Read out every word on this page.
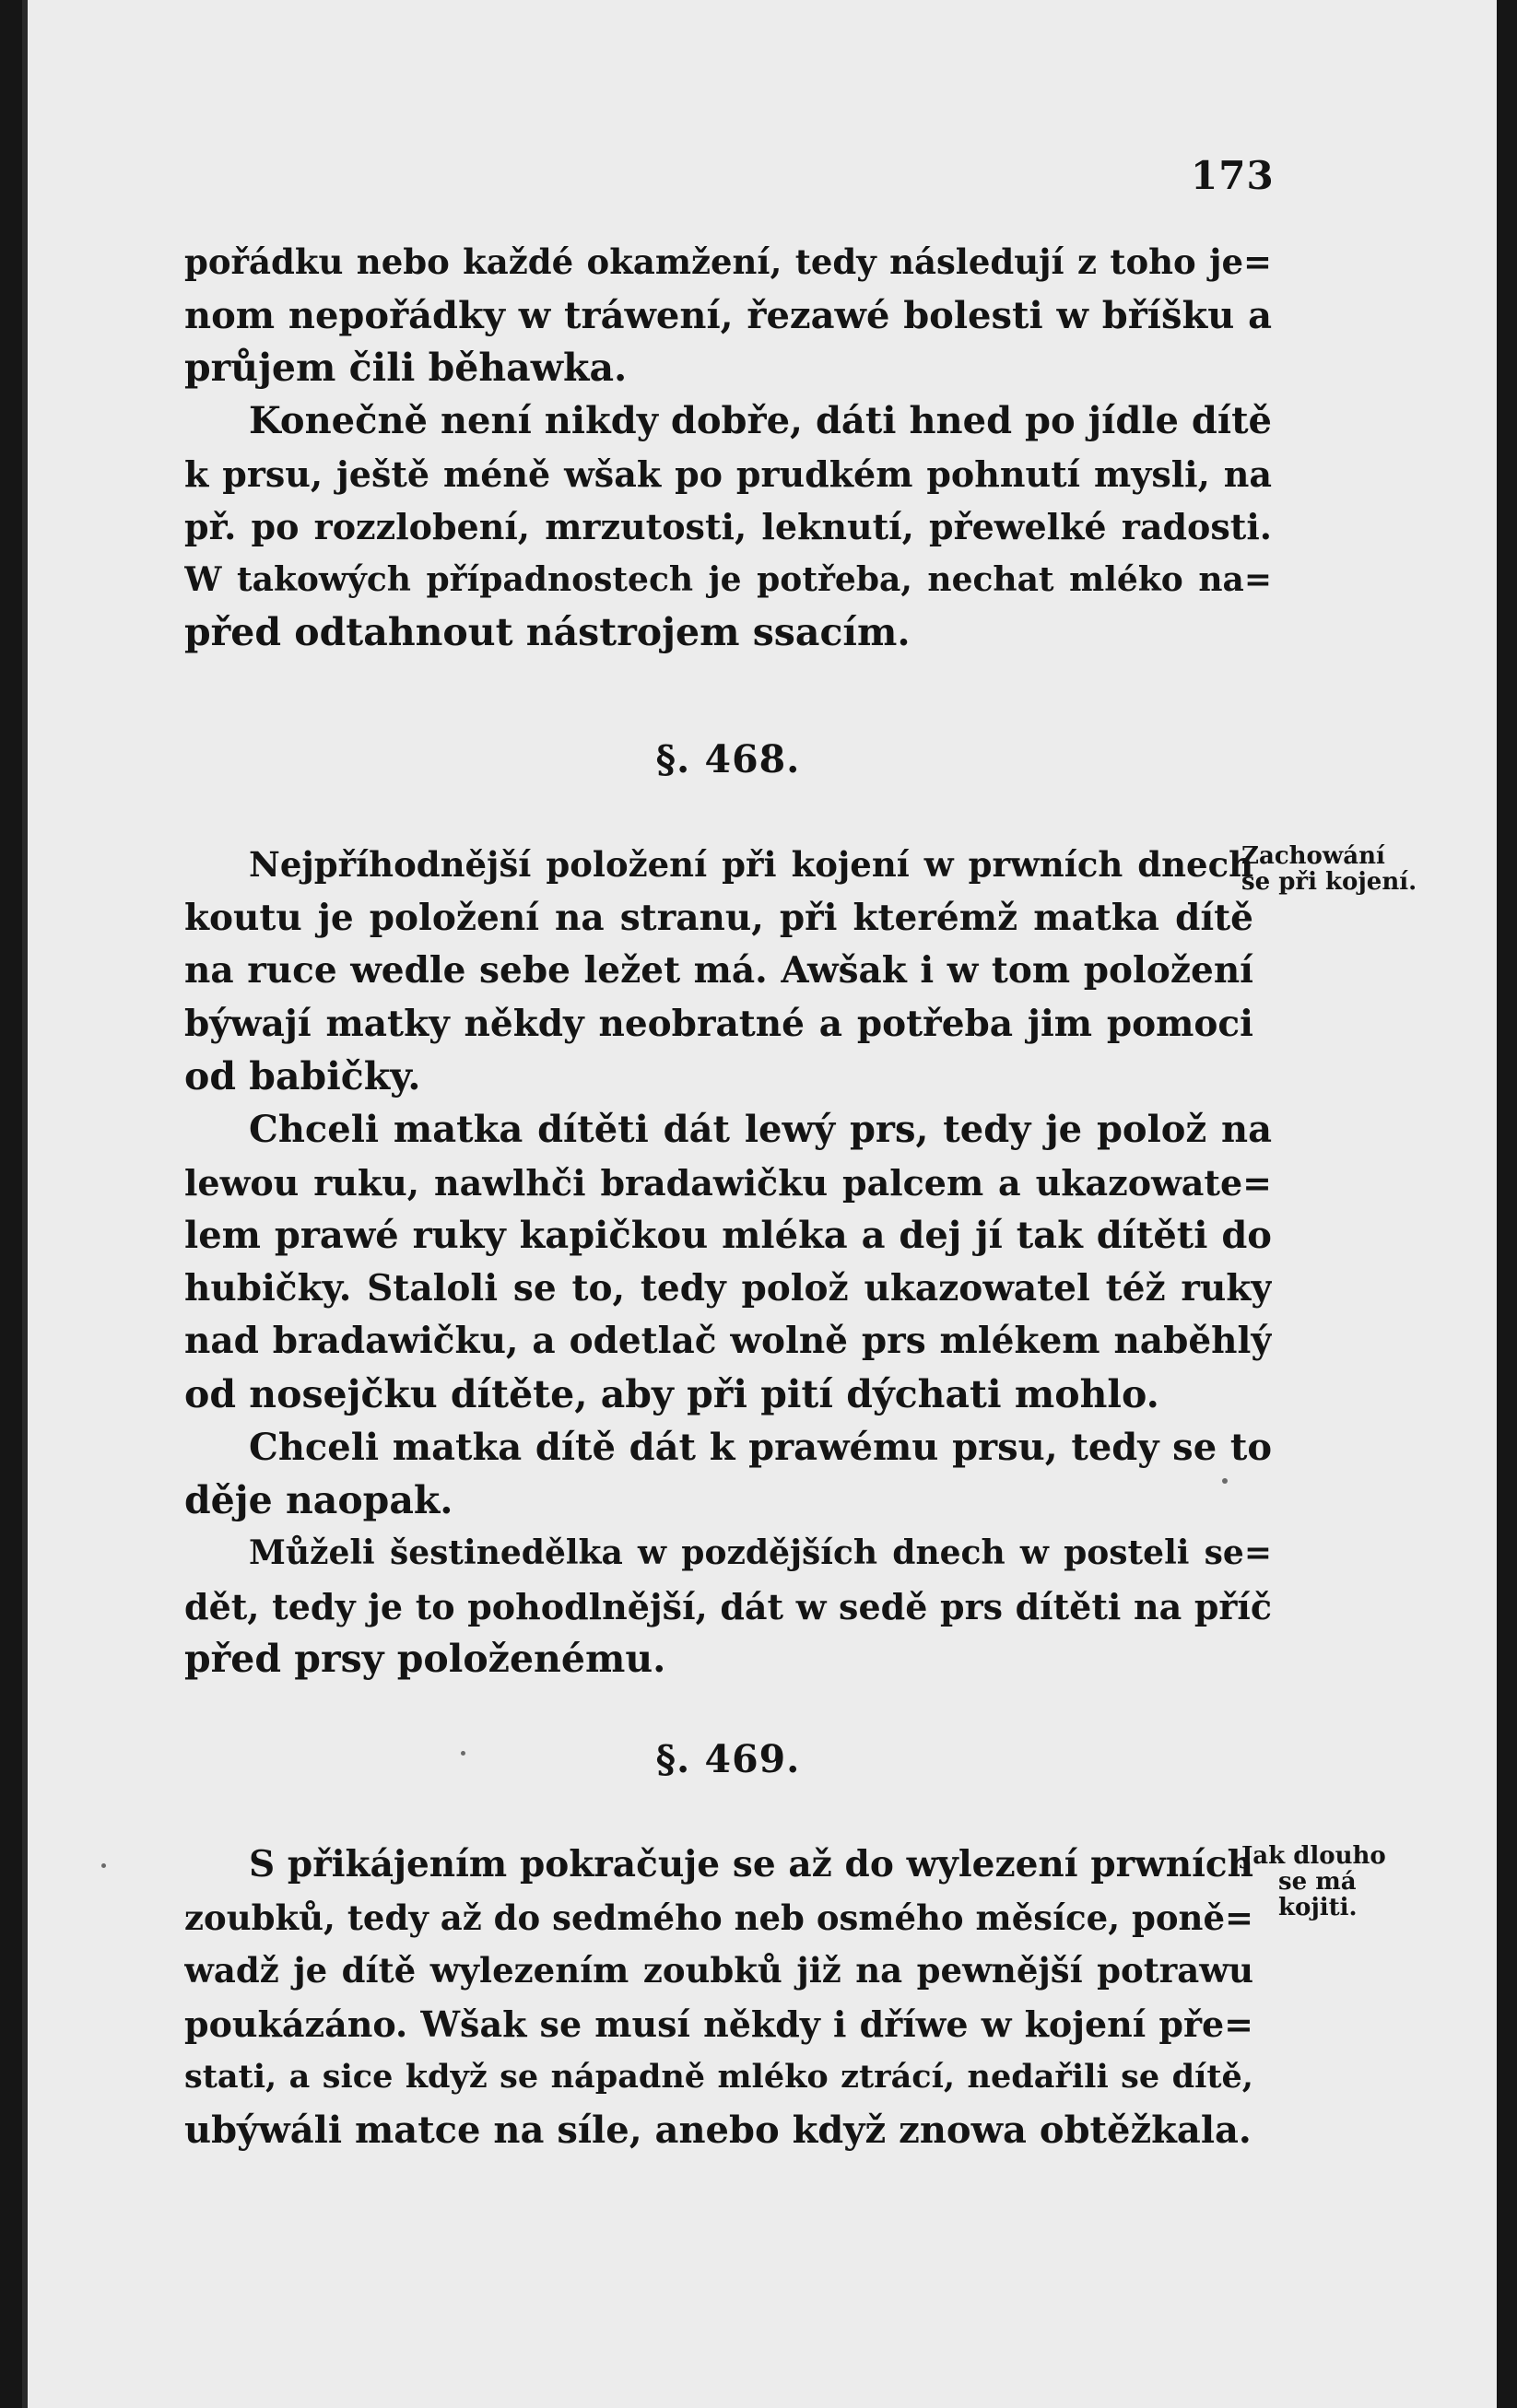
173
pořádku nebo každé okamžení, tedy následují z toho je=
nom nepořádky w tráwení, řezawé bolesti w bříšku a
průjem čili běhawka.
Konečně není nikdy dobře, dáti hned po jídle dítě
k prsu, ještě méně wšak po prudkém pohnutí mysli, na
př. po rozzlobení, mrzutosti, leknutí, přewelké radosti.
W takowých případnostech je potřeba, nechat mléko na=
před odtahnout nástrojem ssacím.
§. 468.
Zachowání
se při kojení.
Nejpříhodnější položení při kojení w prwních dnech
koutu je položení na stranu, při kterémž matka dítě
na ruce wedle sebe ležet má. Awšak i w tom položení
býwají matky někdy neobratné a potřeba jim pomoci
od babičky.
Chceli matka dítěti dát lewý prs, tedy je polož na
lewou ruku, nawlhči bradawičku palcem a ukazowate=
lem prawé ruky kapičkou mléka a dej jí tak dítěti do
hubičky. Staloli se to, tedy polož ukazowatel též ruky
nad bradawičku, a odetlač wolně prs mlékem naběhlý
od nosejčku dítěte, aby při pití dýchati mohlo.
Chceli matka dítě dát k prawému prsu, tedy se to
děje naopak.
Můželi šestinedělka w pozdějších dnech w posteli se=
dět, tedy je to pohodlnější, dát w sedě prs dítěti na příč
před prsy položenému.
§. 469.
Jak dlouho
se má
kojiti.
S přikájením pokračuje se až do wylezení prwních
zoubků, tedy až do sedmého neb osmého měsíce, poně=
wadž je dítě wylezením zoubků již na pewnější potrawu
poukázáno. Wšak se musí někdy i dříwe w kojení pře=
stati, a sice když se nápadně mléko ztrácí, nedařili se dítě,
ubýwáli matce na síle, anebo když znowa obtěžkala.
